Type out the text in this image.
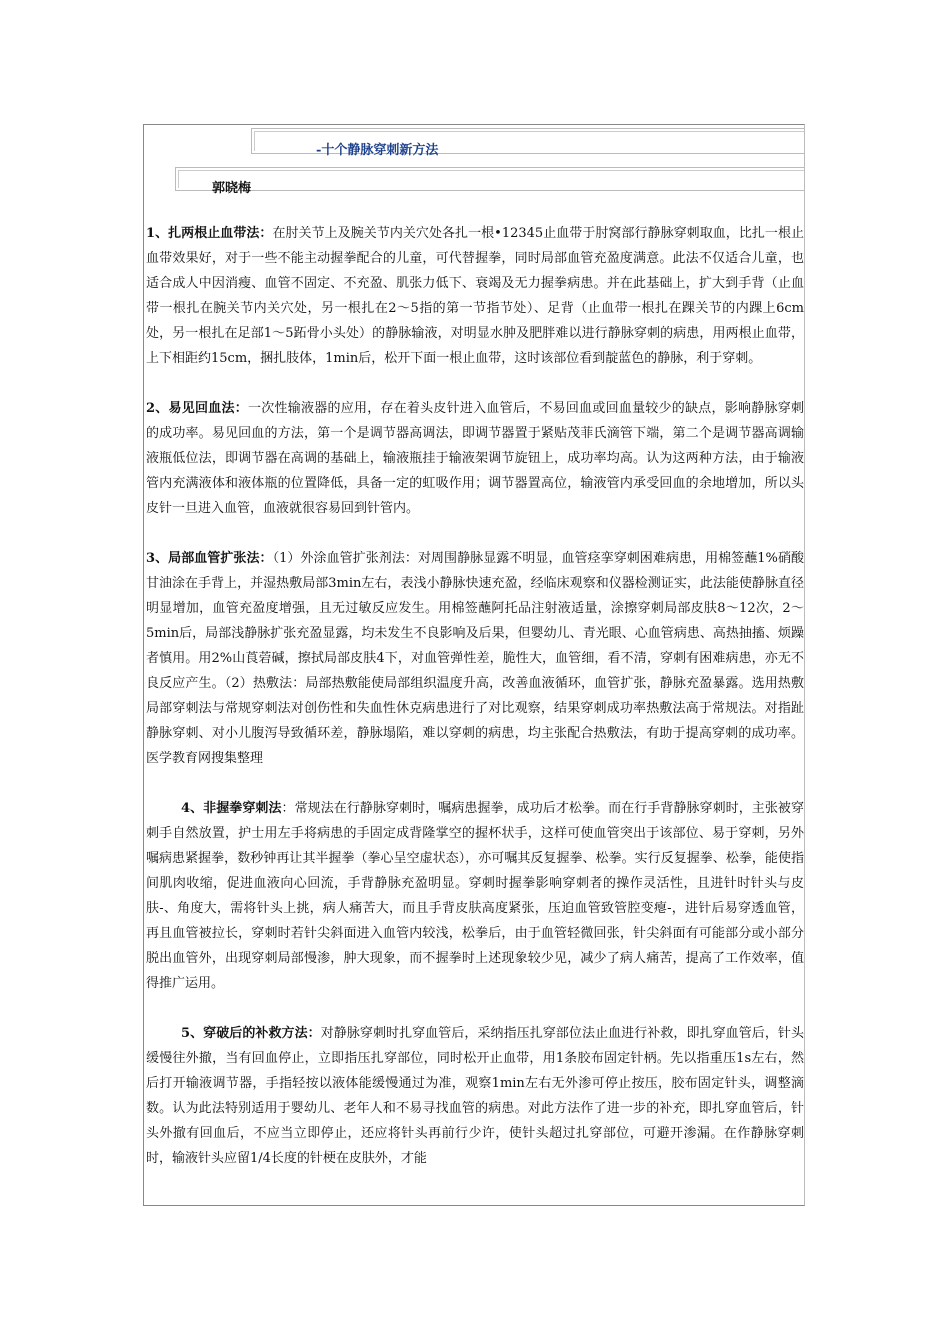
-十个静脉穿刺新方法
郭晓梅

1、扎两根止血带法：在肘关节上及腕关节内关穴处各扎一根•12345止血带于肘窝部行静脉穿刺取血，比扎一根止血带效果好，对于一些不能主动握拳配合的儿童，可代替握拳，同时局部血管充盈度满意。此法不仅适合儿童，也适合成人中因消瘦、血管不固定、不充盈、肌张力低下、衰竭及无力握拳病患。并在此基础上，扩大到手背（止血带一根扎在腕关节内关穴处，另一根扎在2～5指的第一节指节处）、足背（止血带一根扎在踝关节的内踝上6cm处，另一根扎在足部1～5跖骨小头处）的静脉输液，对明显水肿及肥胖难以进行静脉穿刺的病患，用两根止血带，上下相距约15cm，捆扎肢体，1min后，松开下面一根止血带，这时该部位看到靛蓝色的静脉，利于穿刺。

2、易见回血法：一次性输液器的应用，存在着头皮针进入血管后，不易回血或回血量较少的缺点，影响静脉穿刺的成功率。易见回血的方法，第一个是调节器高调法，即调节器置于紧贴茂菲氏滴管下端，第二个是调节器高调输液瓶低位法，即调节器在高调的基础上，输液瓶挂于输液架调节旋钮上，成功率均高。认为这两种方法，由于输液管内充满液体和液体瓶的位置降低，具备一定的虹吸作用；调节器置高位，输液管内承受回血的余地增加，所以头皮针一旦进入血管，血液就很容易回到针管内。

3、局部血管扩张法：（1）外涂血管扩张剂法：对周围静脉显露不明显，血管痉挛穿刺困难病患，用棉签蘸1%硝酸甘油涂在手背上，并湿热敷局部3min左右，表浅小静脉快速充盈，经临床观察和仪器检测证实，此法能使静脉直径明显增加，血管充盈度增强，且无过敏反应发生。用棉签蘸阿托品注射液适量，涂擦穿刺局部皮肤8～12次，2～5min后，局部浅静脉扩张充盈显露，均未发生不良影响及后果，但婴幼儿、青光眼、心血管病患、高热抽搐、烦躁者慎用。用2%山莨菪碱，擦拭局部皮肤4下，对血管弹性差，脆性大，血管细，看不清，穿刺有困难病患，亦无不良反应产生。（2）热敷法：局部热敷能使局部组织温度升高，改善血液循环，血管扩张，静脉充盈暴露。选用热敷局部穿刺法与常规穿刺法对创伤性和失血性休克病患进行了对比观察，结果穿刺成功率热敷法高于常规法。对指趾静脉穿刺、对小儿腹泻导致循环差，静脉塌陷，难以穿刺的病患，均主张配合热敷法，有助于提高穿刺的成功率。医学教育网搜集整理

4、非握拳穿刺法：常规法在行静脉穿刺时，嘱病患握拳，成功后才松拳。而在行手背静脉穿刺时，主张被穿刺手自然放置，护士用左手将病患的手固定成背隆掌空的握杯状手，这样可使血管突出于该部位、易于穿刺，另外嘱病患紧握拳，数秒钟再让其半握拳（拳心呈空虚状态），亦可嘱其反复握拳、松拳。实行反复握拳、松拳，能使指间肌肉收缩，促进血液向心回流，手背静脉充盈明显。穿刺时握拳影响穿刺者的操作灵活性，且进针时针头与皮肤-、角度大，需将针头上挑，病人痛苦大，而且手背皮肤高度紧张，压迫血管致管腔变瘪-，进针后易穿透血管，再且血管被拉长，穿刺时若针尖斜面进入血管内较浅，松拳后，由于血管轻微回张，针尖斜面有可能部分或小部分脱出血管外，出现穿刺局部慢渗，肿大现象，而不握拳时上述现象较少见，减少了病人痛苦，提高了工作效率，值得推广运用。

5、穿破后的补救方法：对静脉穿刺时扎穿血管后，采纳指压扎穿部位法止血进行补救，即扎穿血管后，针头缓慢往外撤，当有回血停止，立即指压扎穿部位，同时松开止血带，用1条胶布固定针柄。先以指重压1s左右，然后打开输液调节器，手指轻按以液体能缓慢通过为准，观察1min左右无外渗可停止按压，胶布固定针头，调整滴数。认为此法特别适用于婴幼儿、老年人和不易寻找血管的病患。对此方法作了进一步的补充，即扎穿血管后，针头外撤有回血后，不应当立即停止，还应将针头再前行少许，使针头超过扎穿部位，可避开渗漏。在作静脉穿刺时，输液针头应留1/4长度的针梗在皮肤外，才能
